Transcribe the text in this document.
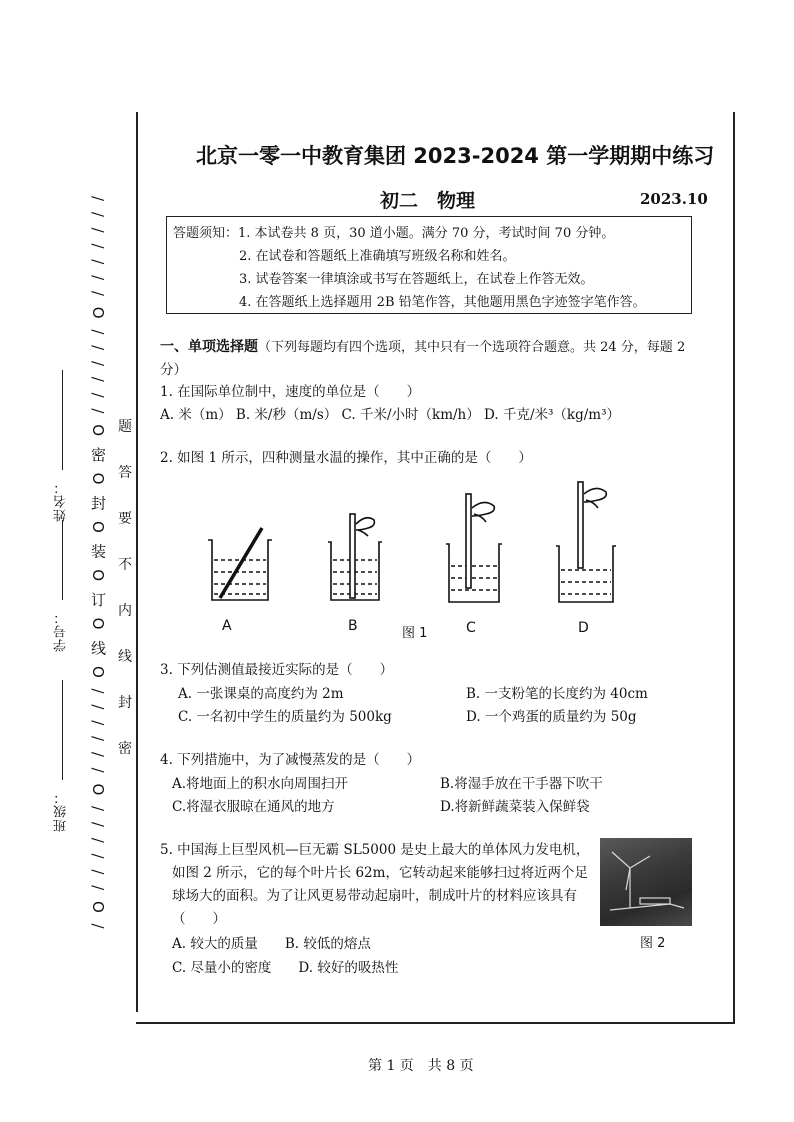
/ / / / / / / O / / / / / / O 密 O 封 O 装 O 订 O 线 O / / / / / / O / / / / / / O / 题
答
要
不
内
线
封
密
班级：
学号：
姓名：
北京一零一中教育集团 2023-2024 第一学期期中练习
初二　物理	2023.10
答题须知：1. 本试卷共 8 页，30 道小题。满分 70 分，考试时间 70 分钟。
2. 在试卷和答题纸上准确填写班级名称和姓名。
3. 试卷答案一律填涂或书写在答题纸上，在试卷上作答无效。
4. 在答题纸上选择题用 2B 铅笔作答，其他题用黑色字迹签字笔作答。
一、单项选择题（下列每题均有四个选项，其中只有一个选项符合题意。共 24 分，每题 2
分）
1. 在国际单位制中，速度的单位是（　　）
A. 米（m） B. 米/秒（m/s） C. 千米/小时（km/h） D. 千克/米³（kg/m³）
2. 如图 1 所示，四种测量水温的操作，其中正确的是（　　）
A	B	图 1	C	D
3. 下列估测值最接近实际的是（　　）
A. 一张课桌的高度约为 2m	B. 一支粉笔的长度约为 40cm
C. 一名初中学生的质量约为 500kg	D. 一个鸡蛋的质量约为 50g
4. 下列措施中，为了减慢蒸发的是（　　）
A.将地面上的积水向周围扫开	B.将湿手放在干手器下吹干
C.将湿衣服晾在通风的地方	D.将新鲜蔬菜装入保鲜袋
5. 中国海上巨型风机—巨无霸 SL5000 是史上最大的单体风力发电机，
如图 2 所示，它的每个叶片长 62m，它转动起来能够扫过将近两个足
球场大的面积。为了让风更易带动起扇叶，制成叶片的材料应该具有
（　　）
A. 较大的质量　　B. 较低的熔点
C. 尽量小的密度　　D. 较好的吸热性
图 2
第 1 页　共 8 页
